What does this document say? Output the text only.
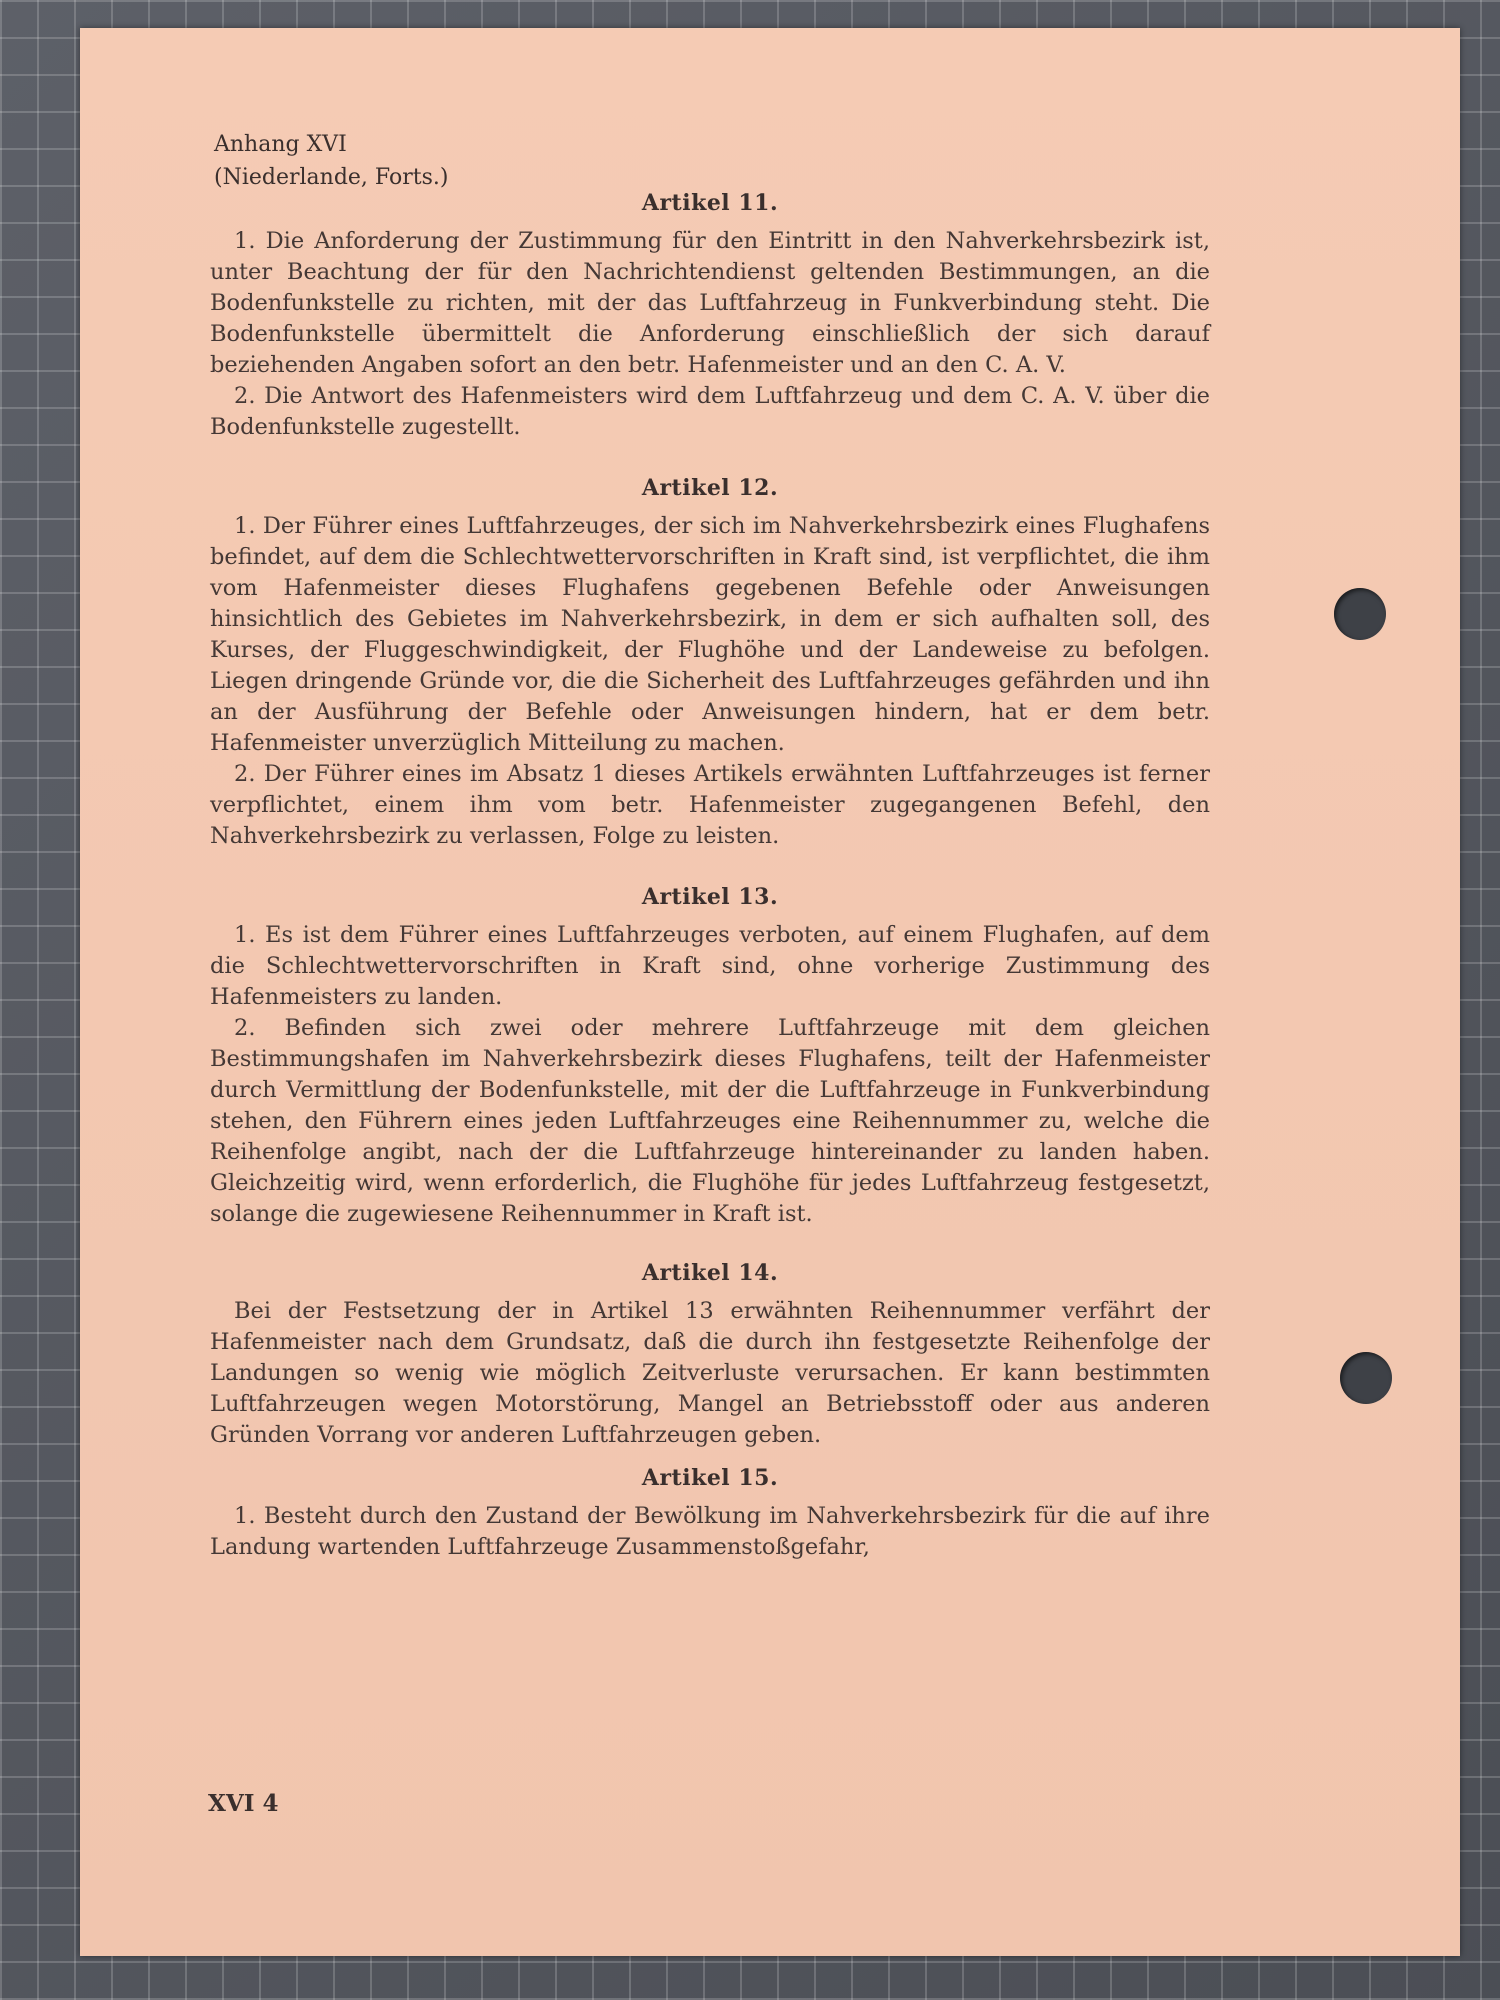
Anhang XVI
(Niederlande, Forts.)
Artikel 11.

1. Die Anforderung der Zustimmung für den Eintritt in den Nahverkehrsbezirk ist, unter Beachtung der für den Nachrichtendienst geltenden Bestimmungen, an die Bodenfunkstelle zu richten, mit der das Luftfahrzeug in Funkverbindung steht. Die Bodenfunkstelle übermittelt die Anforderung einschließlich der sich darauf beziehenden Angaben sofort an den betr. Hafenmeister und an den C. A. V.

2. Die Antwort des Hafenmeisters wird dem Luftfahrzeug und dem C. A. V. über die Bodenfunkstelle zugestellt.

Artikel 12.

1. Der Führer eines Luftfahrzeuges, der sich im Nahverkehrsbezirk eines Flughafens befindet, auf dem die Schlechtwettervorschriften in Kraft sind, ist verpflichtet, die ihm vom Hafenmeister dieses Flughafens gegebenen Befehle oder Anweisungen hinsichtlich des Gebietes im Nahverkehrsbezirk, in dem er sich aufhalten soll, des Kurses, der Fluggeschwindigkeit, der Flughöhe und der Landeweise zu befolgen. Liegen dringende Gründe vor, die die Sicherheit des Luftfahrzeuges gefährden und ihn an der Ausführung der Befehle oder Anweisungen hindern, hat er dem betr. Hafenmeister unverzüglich Mitteilung zu machen.

2. Der Führer eines im Absatz 1 dieses Artikels erwähnten Luftfahrzeuges ist ferner verpflichtet, einem ihm vom betr. Hafenmeister zugegangenen Befehl, den Nahverkehrsbezirk zu verlassen, Folge zu leisten.

Artikel 13.

1. Es ist dem Führer eines Luftfahrzeuges verboten, auf einem Flughafen, auf dem die Schlechtwettervorschriften in Kraft sind, ohne vorherige Zustimmung des Hafenmeisters zu landen.

2. Befinden sich zwei oder mehrere Luftfahrzeuge mit dem gleichen Bestimmungshafen im Nahverkehrsbezirk dieses Flughafens, teilt der Hafenmeister durch Vermittlung der Bodenfunkstelle, mit der die Luftfahrzeuge in Funkverbindung stehen, den Führern eines jeden Luftfahrzeuges eine Reihennummer zu, welche die Reihenfolge angibt, nach der die Luftfahrzeuge hintereinander zu landen haben. Gleichzeitig wird, wenn erforderlich, die Flughöhe für jedes Luftfahrzeug festgesetzt, solange die zugewiesene Reihennummer in Kraft ist.

Artikel 14.

Bei der Festsetzung der in Artikel 13 erwähnten Reihennummer verfährt der Hafenmeister nach dem Grundsatz, daß die durch ihn festgesetzte Reihenfolge der Landungen so wenig wie möglich Zeitverluste verursachen. Er kann bestimmten Luftfahrzeugen wegen Motorstörung, Mangel an Betriebsstoff oder aus anderen Gründen Vorrang vor anderen Luftfahrzeugen geben.

Artikel 15.

1. Besteht durch den Zustand der Bewölkung im Nahverkehrsbezirk für die auf ihre Landung wartenden Luftfahrzeuge Zusammenstoßgefahr,

XVI 4
